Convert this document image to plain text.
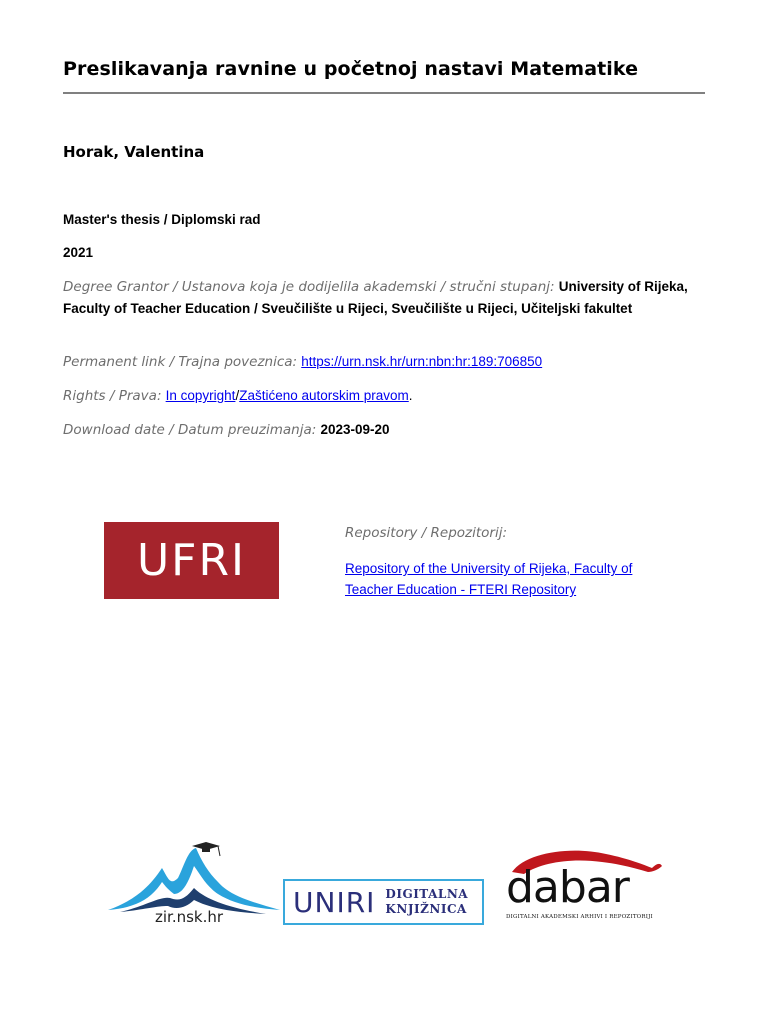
Preslikavanja ravnine u početnoj nastavi Matematike
Horak, Valentina
Master's thesis / Diplomski rad
2021
Degree Grantor / Ustanova koja je dodijelila akademski / stručni stupanj: University of Rijeka, Faculty of Teacher Education / Sveučilište u Rijeci, Sveučilište u Rijeci, Učiteljski fakultet
Permanent link / Trajna poveznica: https://urn.nsk.hr/urn:nbn:hr:189:706850
Rights / Prava: In copyright/Zaštićeno autorskim pravom.
Download date / Datum preuzimanja: 2023-09-20
UFRI
Repository / Repozitorij:
Repository of the University of Rijeka, Faculty of Teacher Education - FTERI Repository
zir.nsk.hr UNIRI DIGITALNA
KNJIŽNICA dabar
DIGITALNI AKADEMSKI ARHIVI I REPOZITORIJI
